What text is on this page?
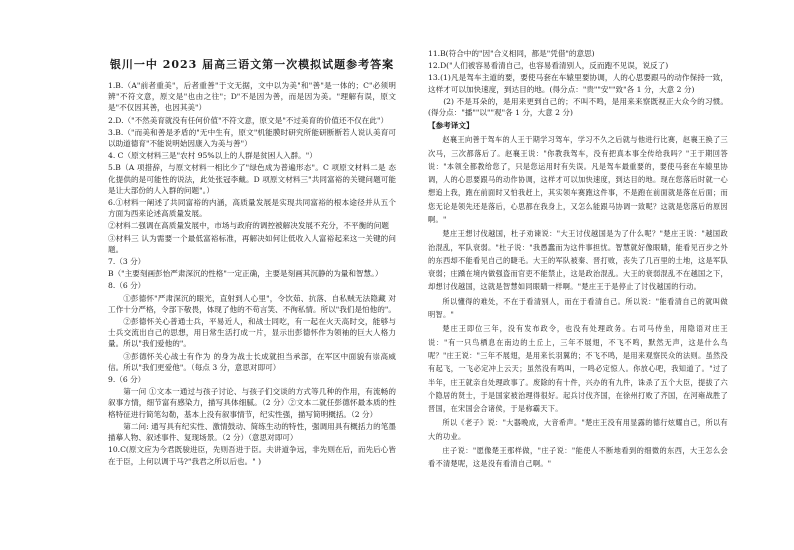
银川一中 2023 届高三语文第一次模拟试题参考答案
1.B.（A"前者重美"，后者重善"于文无据，文中以为美"和"善"是一体的；C"必须明辨"不符文意，原文是"也由之往"；D"不是因为善，而是因为美。"理解有误，原文是"不仅因其善，也因其美"）
2.D.（"不然美育就没有任何价值"不符文意，原文是"不过美育的价值还不仅在此"）
3.B.（"而美和善是矛盾的"无中生有，原文"机能膜时研究所能研断断若人说认美育可以助道德育"不能说明始因康入为美与善"）
4. C（原文材料三是"农村 95%以上的人群是贫困人入群。"）
5.B（A 项措辞，与原文材料一相比少了"绿色成为普遍形态"。C 项原文材料二是 态化提供的是可能性的说法，此处张冠李戴。D 项原文材料三"共同富裕的关键问题可能是让大部份的人入群的问题"。）
6.①材料一阐述了共同富裕的内涵，高质量发展是实现共同富裕的根本途径并从五个方面为西来论述高质量发展。
②材料二强调在高质量发展中，市场与政府的调控被解决发展不充分，不平衡的问题
③材料三 认为需要一个最低富裕标准，再解决如何让低收入人富裕起来这一关键的问题。
7.（3 分）
B（"主要刻画彭怡严肃深沉的性格"一定正确，主要是刻画其沉静的为量和智慧。）
8.（6 分）
①彭德怀"严肃深沉的眼光，直射到人心里"，令饮茹、抗落、自私贼无法隐藏 对工作十分严格，令部下敬畏，体现了他的不苟言笑、不徇私情。所以"我们是怕他的"。
②彭德怀关心普通士兵，平易近人，和战士同吃，有一起在火天高时交，能够与士兵交流出自己的思想，用日常生活打成一片，显示出彭德怀作为领袖的巨大人格力量。所以"我们爱他的"。
③彭德怀关心战士有作为 的身为战士长成就担当承部，在军区中面貌有崇高威信。所以"我们更爱他"。（每点 3 分，意思对即可）
9.（6 分）
第一问 ①文本一通过与孩子讨论、与孩子们交谈的方式等几种的作用，有流畅的叙事方情，细节富有感染力，描写具体细腻。（2 分）②文本二就任彭德怀最本质的性格特征进行简笔勾勒，基本上没有叙事情节，纪实性强，描写简明概括。（2 分）
第二问: 通写具有纪实性、激情鼓动、简练生动的特性，强调用具有概括力的笔墨描摹人物、叙述事件、复现场景。（2 分）（意思对即可）
10.C(原文应为今君既骏进臣，先则吾进于臣。夫讲道争远，非先则在后，而先后心皆在于臣，上何以调于马?"我君之所以后也。" )
11.B(符合中的"因"合义相同，都是"凭借"的意思)
12.D("人们被容易看清自己，也容易看清别人，反而跑不见误，说反了)
13.(1)凡是驾车主道的要，要使马套在车辕里要协调，人的心思要跟马的动作保持一致，这样才可以加快速度，到达目的地。(得分点："贵""安""致"各 1 分，大意 2 分)
(2) 不是耳朵的，是用来更到自己的；不叫不鸣，是用来来察既视正大众今的习惯。(得分点："播""以""观"各 1 分，大意 2 分)
【参考译文】
赵襄王向善于驾车的人王于期学习驾车，学习不久之后就与他进行比赛，赵襄王换了三次马，三次都落后了。赵襄王说："你教我驾车，没有把真本事全传给我吗？"王于期回答说："本领全都教给您了，只是您运用时有失误。凡是驾车最重要的，要使马套在车辕里协调，人的心思要跟马的动作协调，这样才可以加快速度，到达目的地。现在您落后时就一心想追上我，跑在前面时又怕我赶上，其实领车赛跑这件事，不是跑在前面就是落在后面；而您无论是领先还是落后，心思都在我身上，又怎么能跟马协调一致呢？这就是您落后的原因啊。"
楚庄王想讨伐越国，杜子劝谏说："大王讨伐越国是为了什么呢？"楚庄王说："越国政治混乱，军队衰弱。"杜子说："我愚蠢而为这件事担忧。智慧就好像眼睛，能看见百步之外的东西却不能看见自己的睫毛。大王的军队被秦、晋打败，丧失了几百里的土地，这是军队衰弱；庄蹻在境内做强盗而官吏不能禁止，这是政治混乱。大王的衰弱混乱不在越国之下，却想讨伐越国，这就是智慧如同眼睛一样啊。"楚庄王于是停止了讨伐越国的行动。
所以懂得的难处，不在于看清别人，而在于看清自己。所以说："能看清自己的就叫做明智。"
楚庄王即位三年，没有发布政令，也没有处理政务。右司马侍坐，用隐语对庄王说："有一只鸟栖息在南边的土丘上，三年不展翅，不飞不鸣，默然无声，这是什么鸟呢？"庄王说："三年不展翅，是用来长羽翼的；不飞不鸣，是用来观察民众的法则。虽然没有起飞，一飞必定冲上云天；虽然没有鸣叫，一鸣必定惊人。你放心吧，我知道了。"过了半年，庄王就亲自处理政事了。废除的有十件，兴办的有九件，诛杀了五个大臣，提拔了六个隐居的贤士，于是国家被治理得很好。起兵讨伐齐国，在徐州打败了齐国，在河雍战胜了晋国，在宋国会合诸侯，于是称霸天下。
所以《老子》说："大器晚成，大音希声。"楚庄王没有用显露的德行炫耀自己，所以有大的功业。
庄子说："愿像楚王那样做，"庄子说："能使人不断地看到的细微的东西，大王怎么会看不清楚呢，这是没有看清自己啊。"
